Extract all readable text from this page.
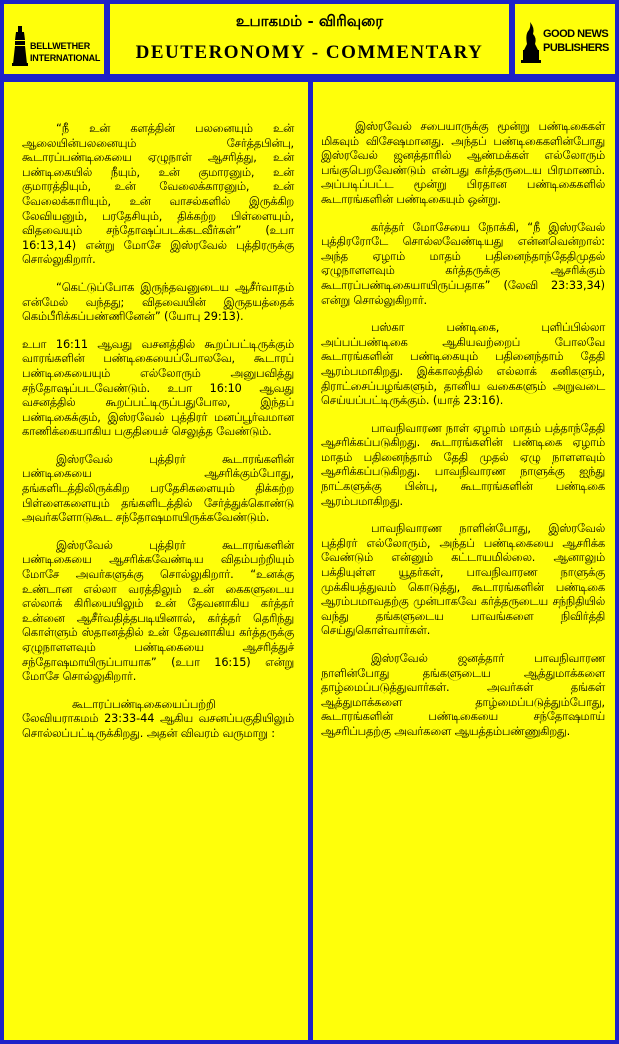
BELLWETHER
INTERNATIONAL
உபாகமம் - விரிவுரை
DEUTERONOMY - COMMENTARY
GOOD NEWS
PUBLISHERS

“நீ உன் களத்தின் பலனையும் உன் ஆலையின்பலனையும் சேர்த்தபின்பு, கூடாரப்பண்டிகையை ஏழுநாள் ஆசரித்து, உன் பண்டிகையில் நீயும், உன் குமாரனும், உன் குமாரத்தியும், உன் வேலைக்காரனும், உன் வேலைக்காரியும், உன் வாசல்களில் இருக்கிற லேவியனும், பரதேசியும், திக்கற்ற பிள்ளையும், விதவையும் சந்தோஷப்படக்கடவீர்கள்” (உபா 16:13,14) என்று மோசே இஸ்ரவேல் புத்திரருக்கு சொல்லுகிறார்.

“கெட்டுப்போக இருந்தவனுடைய ஆசீர்வாதம் என்மேல் வந்தது; விதவையின் இருதயத்தைக் கெம்பீரிக்கப்பண்ணினேன்” (யோபு 29:13).

உபா 16:11 ஆவது வசனத்தில் கூறப்பட்டிருக்கும் வாரங்களின் பண்டிகையைப்போலவே, கூடாரப் பண்டிகையையும் எல்லோரும் அனுபவித்து சந்தோஷப்படவேண்டும். உபா 16:10 ஆவது வசனத்தில் கூறப்பட்டிருப்பதுபோல, இந்தப் பண்டிகைக்கும், இஸ்ரவேல் புத்திரர் மனப்பூர்வமான காணிக்கையாகிய பகுதியைச் செலுத்த வேண்டும்.

இஸ்ரவேல் புத்திரர் கூடாரங்களின் பண்டிகையை ஆசரிக்கும்போது, தங்களிடத்திலிருக்கிற பரதேசிகளையும் திக்கற்ற பிள்ளைகளையும் தங்களிடத்தில் சேர்த்துக்கொண்டு அவர்களோடுகூட சந்தோஷமாயிருக்கவேண்டும்.

இஸ்ரவேல் புத்திரர் கூடாரங்களின் பண்டிகையை ஆசரிக்கவேண்டிய விதம்பற்றியும் மோசே அவர்களுக்கு சொல்லுகிறார். “உனக்கு உண்டான எல்லா வரத்திலும் உன் கைகளுடைய எல்லாக் கிரியையிலும் உன் தேவனாகிய கர்த்தர் உன்னை ஆசீர்வதித்தபடியினால், கர்த்தர் தெரிந்து கொள்ளும் ஸ்தானத்தில் உன் தேவனாகிய கர்த்தருக்கு ஏழுநாளளவும் பண்டிகையை ஆசரித்துச் சந்தோஷமாயிருப்பாயாக” (உபா 16:15) என்று மோசே சொல்லுகிறார்.

கூடாரப்பண்டிகையைப்பற்றி லேவியராகமம் 23:33-44 ஆகிய வசனப்பகுதியிலும் சொல்லப்பட்டிருக்கிறது. அதன் விவரம் வருமாறு :

இஸ்ரவேல் சபையாருக்கு மூன்று பண்டிகைகள் மிகவும் விசேஷமானது. அந்தப் பண்டிகைகளின்போது இஸ்ரவேல் ஜனத்தாரில் ஆண்மக்கள் எல்லோரும் பங்குபெறவேண்டும் என்பது கர்த்தருடைய பிரமாணம். அப்படிப்பட்ட மூன்று பிரதான பண்டிகைகளில் கூடாரங்களின் பண்டிகையும் ஒன்று.

கர்த்தர் மோசேயை நோக்கி, “நீ இஸ்ரவேல் புத்திரரோடே சொல்லவேண்டியது என்னவென்றால்: அந்த ஏழாம் மாதம் பதினைந்தாந்தேதிமுதல் ஏழுநாளளவும் கர்த்தருக்கு ஆசரிக்கும் கூடாரப்பண்டிகையாயிருப்பதாக” (லேவி 23:33,34) என்று சொல்லுகிறார்.

பஸ்கா பண்டிகை, புளிப்பில்லா அப்பப்பண்டிகை ஆகியவற்றைப் போலவே கூடாரங்களின் பண்டிகையும் பதினைந்தாம் தேதி ஆரம்பமாகிறது. இக்காலத்தில் எல்லாக் கனிகளும், திராட்சைப்பழங்களும், தானிய வகைகளும் அறுவடை செய்யப்பட்டிருக்கும். (யாத் 23:16).

பாவநிவாரண நாள் ஏழாம் மாதம் பத்தாந்தேதி ஆசரிக்கப்படுகிறது. கூடாரங்களின் பண்டிகை ஏழாம் மாதம் பதினைந்தாம் தேதி முதல் ஏழு நாளளவும் ஆசரிக்கப்படுகிறது. பாவநிவாரண நாளுக்கு ஐந்து நாட்களுக்கு பின்பு, கூடாரங்களின் பண்டிகை ஆரம்பமாகிறது.

பாவநிவாரண நாளின்போது, இஸ்ரவேல் புத்திரர் எல்லோரும், அந்தப் பண்டிகையை ஆசரிக்க வேண்டும் என்னும் கட்டாயமில்லை. ஆனாலும் பக்தியுள்ள யூதர்கள், பாவநிவாரண நாளுக்கு முக்கியத்துவம் கொடுத்து, கூடாரங்களின் பண்டிகை ஆரம்பமாவதற்கு முன்பாகவே கர்த்தருடைய சந்நிதியில் வந்து தங்களுடைய பாவங்களை நிவிர்த்தி செய்துகொள்வார்கள்.

இஸ்ரவேல் ஜனத்தார் பாவநிவாரண நாளின்போது தங்களுடைய ஆத்துமாக்களை தாழ்மைப்படுத்துவார்கள். அவர்கள் தங்கள் ஆத்துமாக்களை தாழ்மைப்படுத்தும்போது, கூடாரங்களின் பண்டிகையை சந்தோஷமாய் ஆசரிப்பதற்கு அவர்களை ஆயத்தம்பண்ணுகிறது.
